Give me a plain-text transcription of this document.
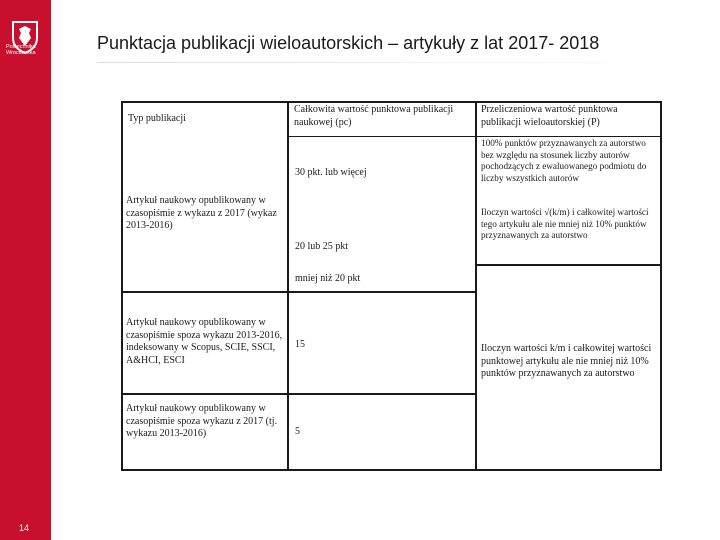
Politechnika
Wrocławska
14
Punktacja publikacji wieloautorskich – artykuły z lat 2017- 2018
Typ publikacji
Całkowita wartość punktowa publikacji naukowej (pc)
Przeliczeniowa wartość punktowa publikacji wieloautorskiej (P)
Artykuł naukowy opublikowany w czasopiśmie z wykazu z 2017 (wykaz 2013-2016)
30 pkt. lub więcej
20 lub 25 pkt
mniej niż 20 pkt
100% punktów przyznawanych za autorstwo bez względu na stosunek liczby autorów pochodzących z ewaluowanego podmiotu do liczby wszystkich autorów
Iloczyn wartości √(k/m) i całkowitej wartości tego artykułu ale nie mniej niż 10% punktów przyznawanych za autorstwo
Artykuł naukowy opublikowany w czasopiśmie spoza wykazu 2013-2016, indeksowany w Scopus, SCIE, SSCI, A&HCI, ESCI
15
Artykuł naukowy opublikowany w czasopiśmie spoza wykazu z 2017 (tj. wykazu 2013-2016)	5
Iloczyn wartości k/m i całkowitej wartości punktowej artykułu ale nie mniej niż 10% punktów przyznawanych za autorstwo
